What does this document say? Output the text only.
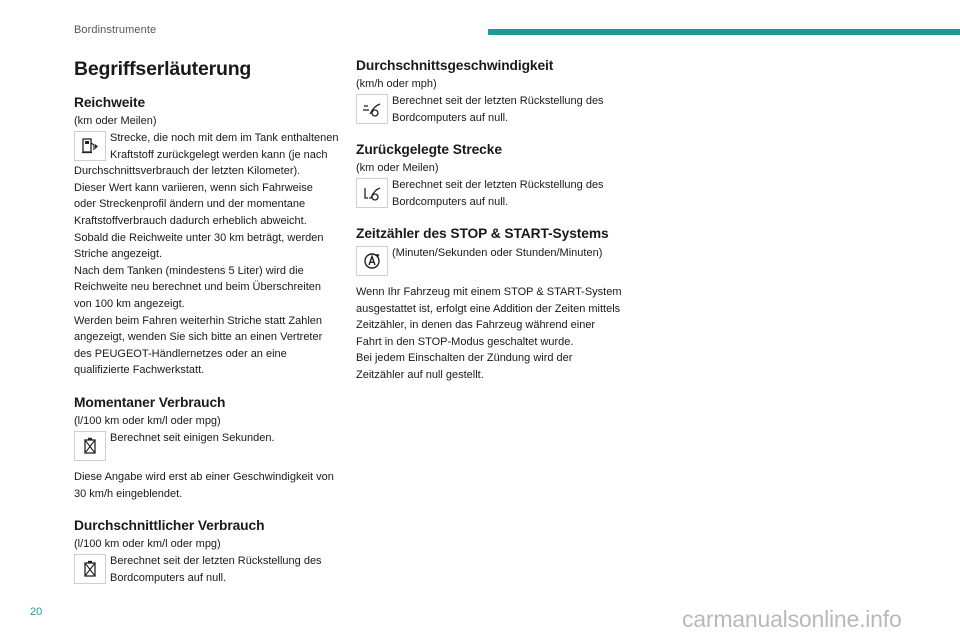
Bordinstrumente
Begriffserläuterung
Reichweite
(km oder Meilen)
Strecke, die noch mit dem im Tank enthaltenen
Kraftstoff zurückgelegt werden kann (je nach
Durchschnittsverbrauch der letzten Kilometer).
Dieser Wert kann variieren, wenn sich Fahrweise
oder Streckenprofil ändern und der momentane
Kraftstoffverbrauch dadurch erheblich abweicht.
Sobald die Reichweite unter 30 km beträgt, werden
Striche angezeigt.
Nach dem Tanken (mindestens 5 Liter) wird die
Reichweite neu berechnet und beim Überschreiten
von 100 km angezeigt.
Werden beim Fahren weiterhin Striche statt Zahlen
angezeigt, wenden Sie sich bitte an einen Vertreter
des PEUGEOT-Händlernetzes oder an eine
qualifizierte Fachwerkstatt.
Momentaner Verbrauch
(l/100 km oder km/l oder mpg)
Berechnet seit einigen Sekunden.
Diese Angabe wird erst ab einer Geschwindigkeit von
30 km/h eingeblendet.
Durchschnittlicher Verbrauch
(l/100 km oder km/l oder mpg)
Berechnet seit der letzten Rückstellung des
Bordcomputers auf null.
Durchschnittsgeschwindigkeit
(km/h oder mph)
Berechnet seit der letzten Rückstellung des
Bordcomputers auf null.
Zurückgelegte Strecke
(km oder Meilen)
Berechnet seit der letzten Rückstellung des
Bordcomputers auf null.
Zeitzähler des STOP & START-Systems
(Minuten/Sekunden oder Stunden/Minuten)
Wenn Ihr Fahrzeug mit einem STOP & START-System
ausgestattet ist, erfolgt eine Addition der Zeiten mittels
Zeitzähler, in denen das Fahrzeug während einer
Fahrt in den STOP-Modus geschaltet wurde.
Bei jedem Einschalten der Zündung wird der
Zeitzähler auf null gestellt.
20	carmanualsonline.info
